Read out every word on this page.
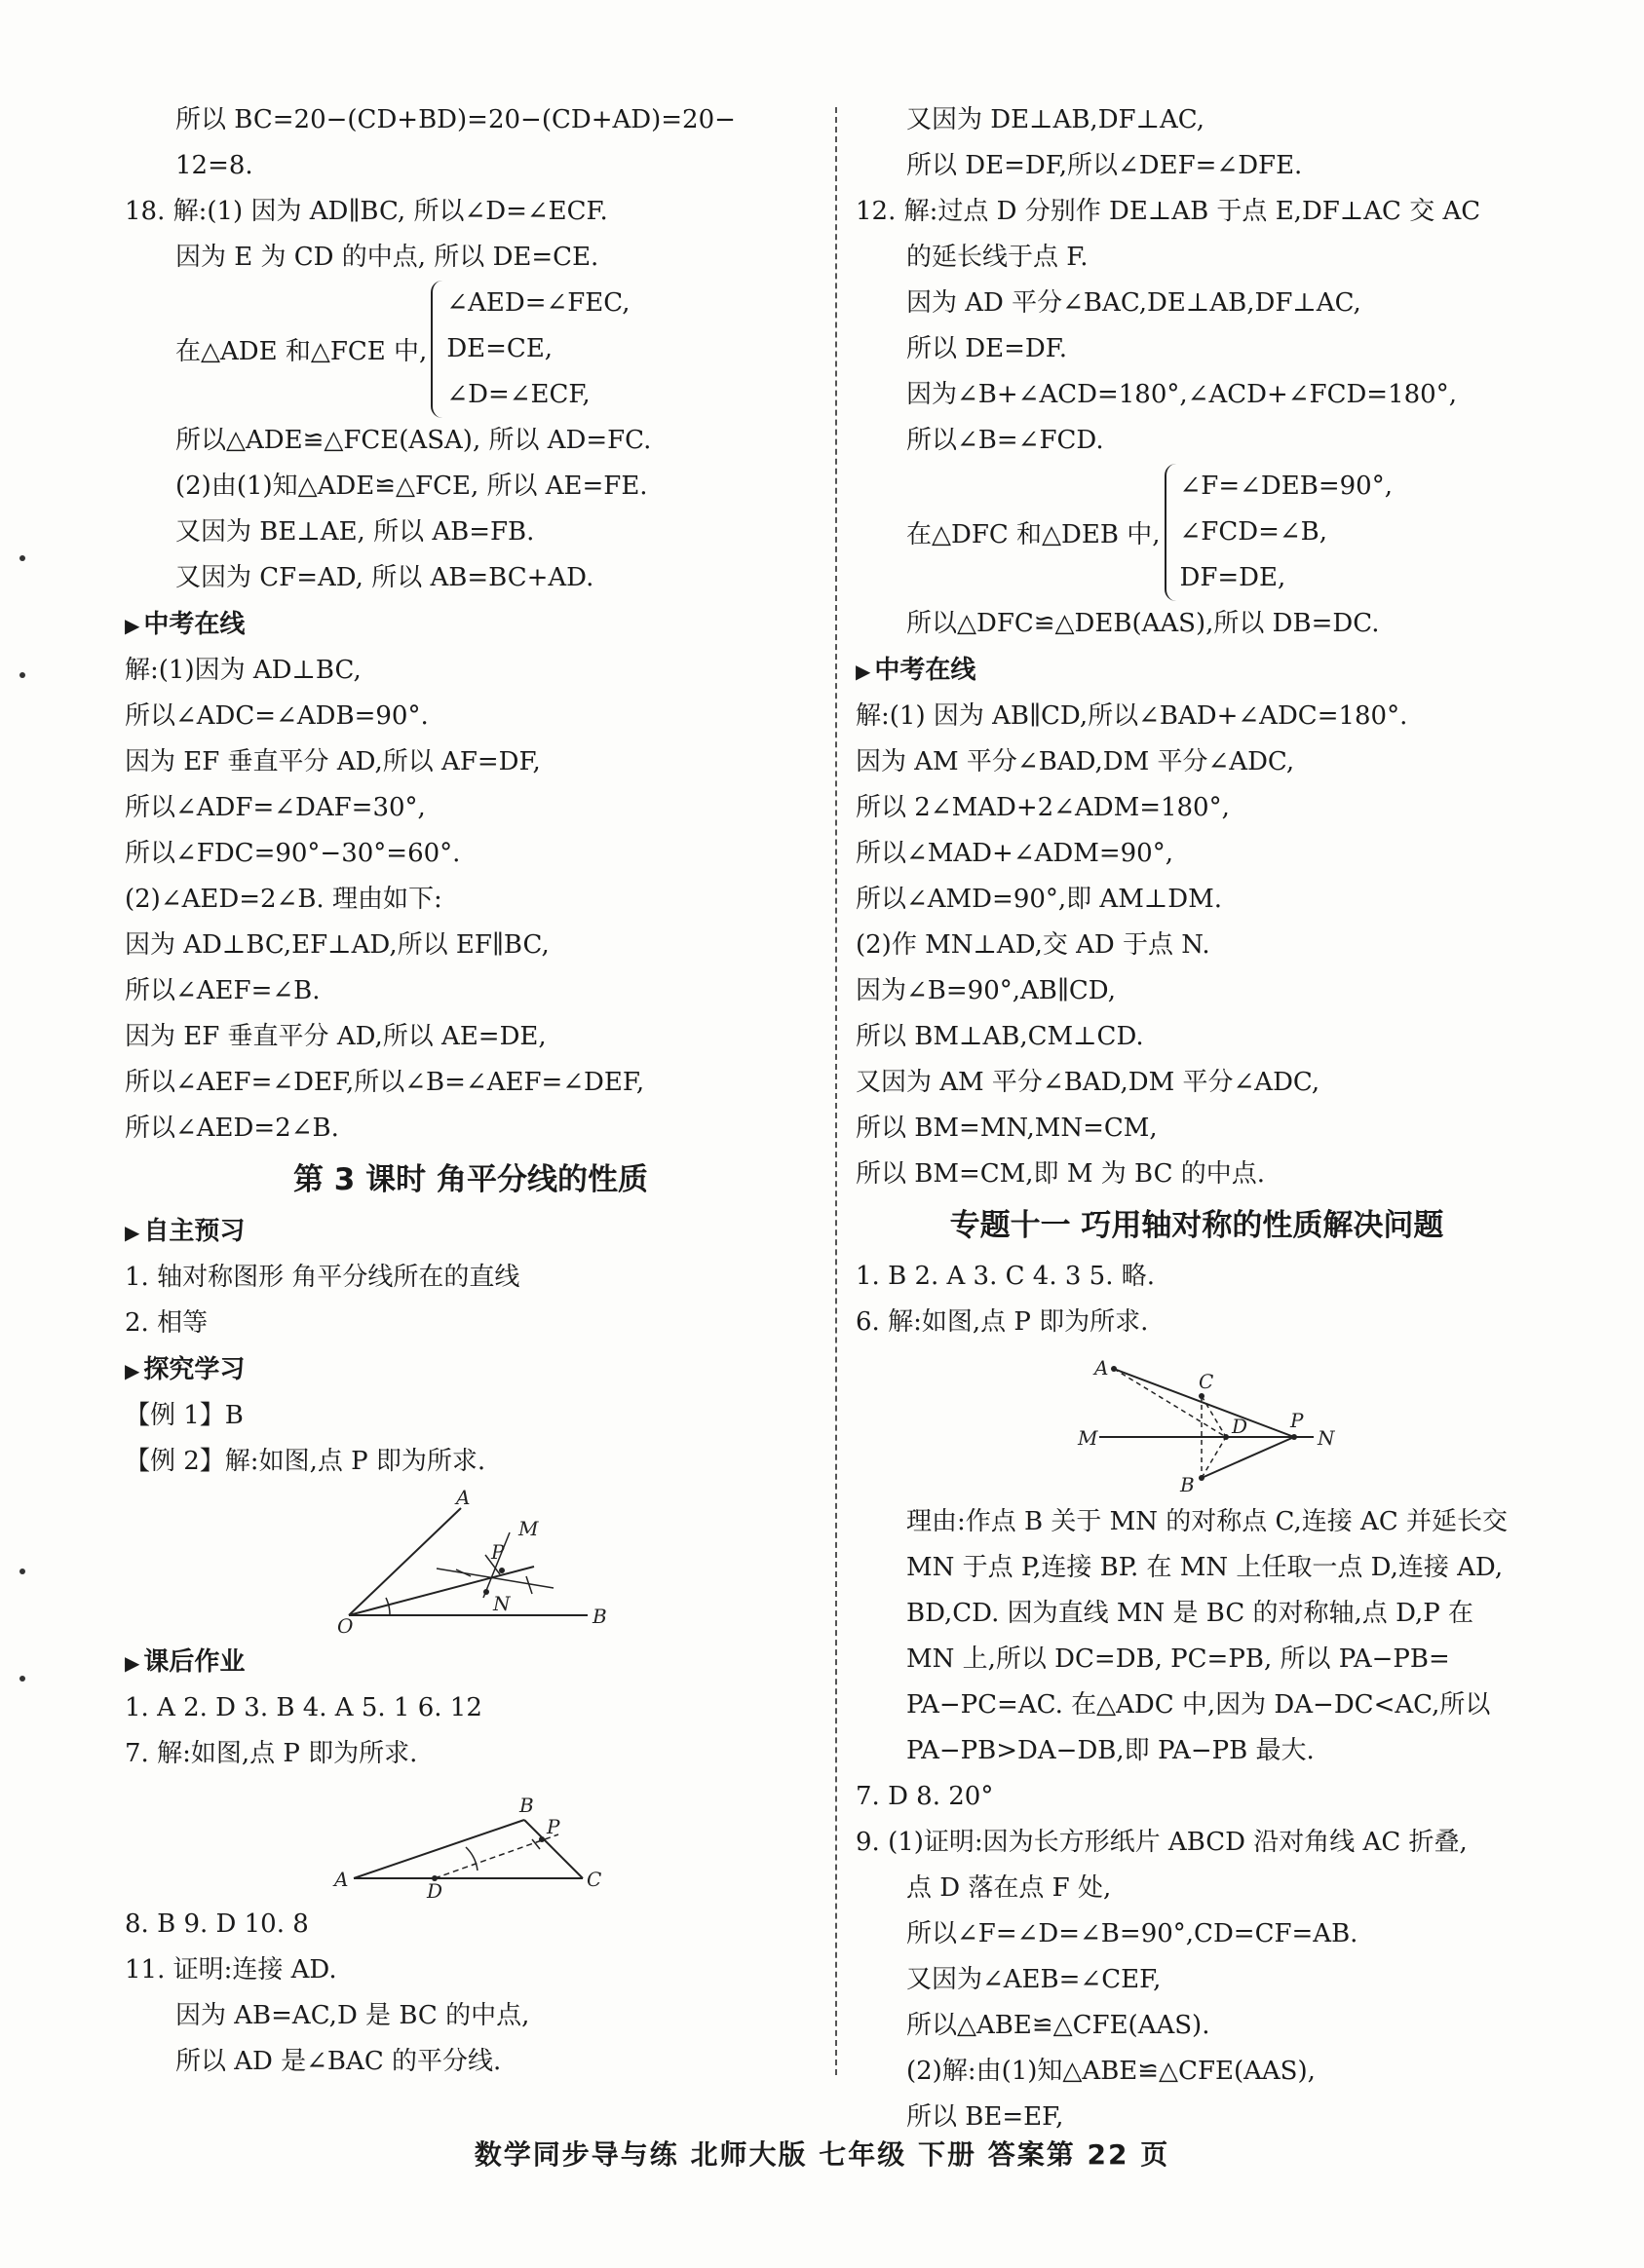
所以 BC=20−(CD+BD)=20−(CD+AD)=20−
12=8.
18. 解:(1) 因为 AD∥BC, 所以∠D=∠ECF.
因为 E 为 CD 的中点, 所以 DE=CE.
在△ADE 和△FCE 中,
∠AED=∠FEC,
DE=CE,
∠D=∠ECF,
所以△ADE≌△FCE(ASA), 所以 AD=FC.
(2)由(1)知△ADE≌△FCE, 所以 AE=FE.
又因为 BE⊥AE, 所以 AB=FB.
又因为 CF=AD, 所以 AB=BC+AD.
▶ 中考在线
解:(1)因为 AD⊥BC,
所以∠ADC=∠ADB=90°.
因为 EF 垂直平分 AD,所以 AF=DF,
所以∠ADF=∠DAF=30°,
所以∠FDC=90°−30°=60°.
(2)∠AED=2∠B. 理由如下:
因为 AD⊥BC,EF⊥AD,所以 EF∥BC,
所以∠AEF=∠B.
因为 EF 垂直平分 AD,所以 AE=DE,
所以∠AEF=∠DEF,所以∠B=∠AEF=∠DEF,
所以∠AED=2∠B.
第 3 课时 角平分线的性质
▶ 自主预习
1. 轴对称图形 角平分线所在的直线
2. 相等
▶ 探究学习
【例 1】B
【例 2】解:如图,点 P 即为所求.
A
M
P
N
O	B
▶ 课后作业
1. A 2. D 3. B 4. A 5. 1 6. 12
7. 解:如图,点 P 即为所求.
B
P
A	D	C
8. B 9. D 10. 8
11. 证明:连接 AD.
因为 AB=AC,D 是 BC 的中点,
所以 AD 是∠BAC 的平分线.
又因为 DE⊥AB,DF⊥AC,
所以 DE=DF,所以∠DEF=∠DFE.
12. 解:过点 D 分别作 DE⊥AB 于点 E,DF⊥AC 交 AC
的延长线于点 F.
因为 AD 平分∠BAC,DE⊥AB,DF⊥AC,
所以 DE=DF.
因为∠B+∠ACD=180°,∠ACD+∠FCD=180°,
所以∠B=∠FCD.
在△DFC 和△DEB 中,
∠F=∠DEB=90°,
∠FCD=∠B,
DF=DE,
所以△DFC≌△DEB(AAS),所以 DB=DC.
▶ 中考在线
解:(1) 因为 AB∥CD,所以∠BAD+∠ADC=180°.
因为 AM 平分∠BAD,DM 平分∠ADC,
所以 2∠MAD+2∠ADM=180°,
所以∠MAD+∠ADM=90°,
所以∠AMD=90°,即 AM⊥DM.
(2)作 MN⊥AD,交 AD 于点 N.
因为∠B=90°,AB∥CD,
所以 BM⊥AB,CM⊥CD.
又因为 AM 平分∠BAD,DM 平分∠ADC,
所以 BM=MN,MN=CM,
所以 BM=CM,即 M 为 BC 的中点.
专题十一 巧用轴对称的性质解决问题
1. B 2. A 3. C 4. 3 5. 略.
6. 解:如图,点 P 即为所求.
A
C
M	D P
N
B
理由:作点 B 关于 MN 的对称点 C,连接 AC 并延长交
MN 于点 P,连接 BP. 在 MN 上任取一点 D,连接 AD,
BD,CD. 因为直线 MN 是 BC 的对称轴,点 D,P 在
MN 上,所以 DC=DB, PC=PB, 所以 PA−PB=
PA−PC=AC. 在△ADC 中,因为 DA−DC<AC,所以
PA−PB>DA−DB,即 PA−PB 最大.
7. D 8. 20°
9. (1)证明:因为长方形纸片 ABCD 沿对角线 AC 折叠,
点 D 落在点 F 处,
所以∠F=∠D=∠B=90°,CD=CF=AB.
又因为∠AEB=∠CEF,
所以△ABE≌△CFE(AAS).
(2)解:由(1)知△ABE≌△CFE(AAS),
所以 BE=EF,
数学同步导与练 北师大版 七年级 下册 答案第 22 页
